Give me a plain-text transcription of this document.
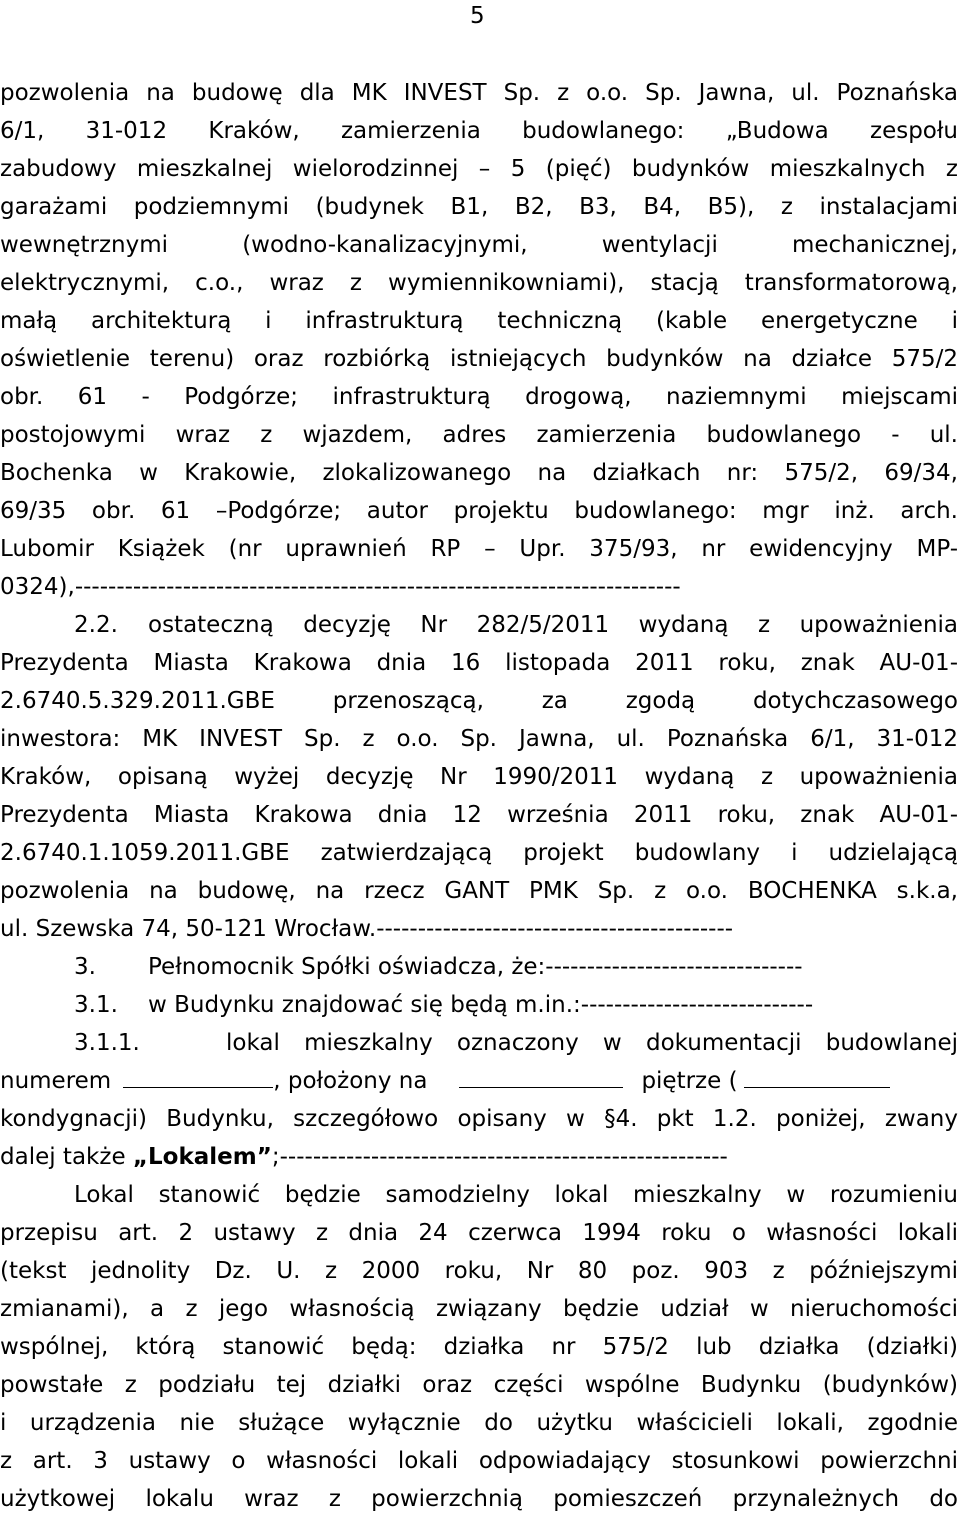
5
pozwolenia na budowę dla MK INVEST Sp. z o.o. Sp. Jawna, ul. Poznańska
6/1, 31-012 Kraków, zamierzenia budowlanego: „Budowa zespołu
zabudowy mieszkalnej wielorodzinnej – 5 (pięć) budynków mieszkalnych z
garażami podziemnymi (budynek B1, B2, B3, B4, B5), z instalacjami
wewnętrznymi (wodno-kanalizacyjnymi, wentylacji mechanicznej,
elektrycznymi, c.o., wraz z wymiennikowniami), stacją transformatorową,
małą architekturą i infrastrukturą techniczną (kable energetyczne i
oświetlenie terenu) oraz rozbiórką istniejących budynków na działce 575/2
obr. 61 - Podgórze; infrastrukturą drogową, naziemnymi miejscami
postojowymi wraz z wjazdem, adres zamierzenia budowlanego - ul.
Bochenka w Krakowie, zlokalizowanego na działkach nr: 575/2, 69/34,
69/35 obr. 61 –Podgórze; autor projektu budowlanego: mgr inż. arch.
Lubomir Książek (nr uprawnień RP – Upr. 375/93, nr ewidencyjny MP-
0324),-------------------------------------------------------------------------
2.2.	ostateczną decyzję Nr 282/5/2011 wydaną z upoważnienia
Prezydenta Miasta Krakowa dnia 16 listopada 2011 roku, znak AU-01-
2.6740.5.329.2011.GBE przenoszącą, za zgodą dotychczasowego
inwestora: MK INVEST Sp. z o.o. Sp. Jawna, ul. Poznańska 6/1, 31-012
Kraków, opisaną wyżej decyzję Nr 1990/2011 wydaną z upoważnienia
Prezydenta Miasta Krakowa dnia 12 września 2011 roku, znak AU-01-
2.6740.1.1059.2011.GBE zatwierdzającą projekt budowlany i udzielającą
pozwolenia na budowę, na rzecz GANT PMK Sp. z o.o. BOCHENKA s.k.a,
ul. Szewska 74, 50-121 Wrocław.-------------------------------------------
3.	Pełnomocnik Spółki oświadcza, że:-------------------------------
3.1.	w Budynku znajdować się będą m.in.:----------------------------
3.1.1.	lokal mieszkalny oznaczony w dokumentacji budowlanej
numerem	, położony na	piętrze (
kondygnacji) Budynku, szczegółowo opisany w §4. pkt 1.2. poniżej, zwany
dalej także „Lokalem”;------------------------------------------------------
Lokal stanowić będzie samodzielny lokal mieszkalny w rozumieniu
przepisu art. 2 ustawy z dnia 24 czerwca 1994 roku o własności lokali
(tekst jednolity Dz. U. z 2000 roku, Nr 80 poz. 903 z późniejszymi
zmianami), a z jego własnością związany będzie udział w nieruchomości
wspólnej, którą stanowić będą: działka nr 575/2 lub działka (działki)
powstałe z podziału tej działki oraz części wspólne Budynku (budynków)
i urządzenia nie służące wyłącznie do użytku właścicieli lokali, zgodnie
z art. 3 ustawy o własności lokali odpowiadający stosunkowi powierzchni
użytkowej lokalu wraz z powierzchnią pomieszczeń przynależnych do
